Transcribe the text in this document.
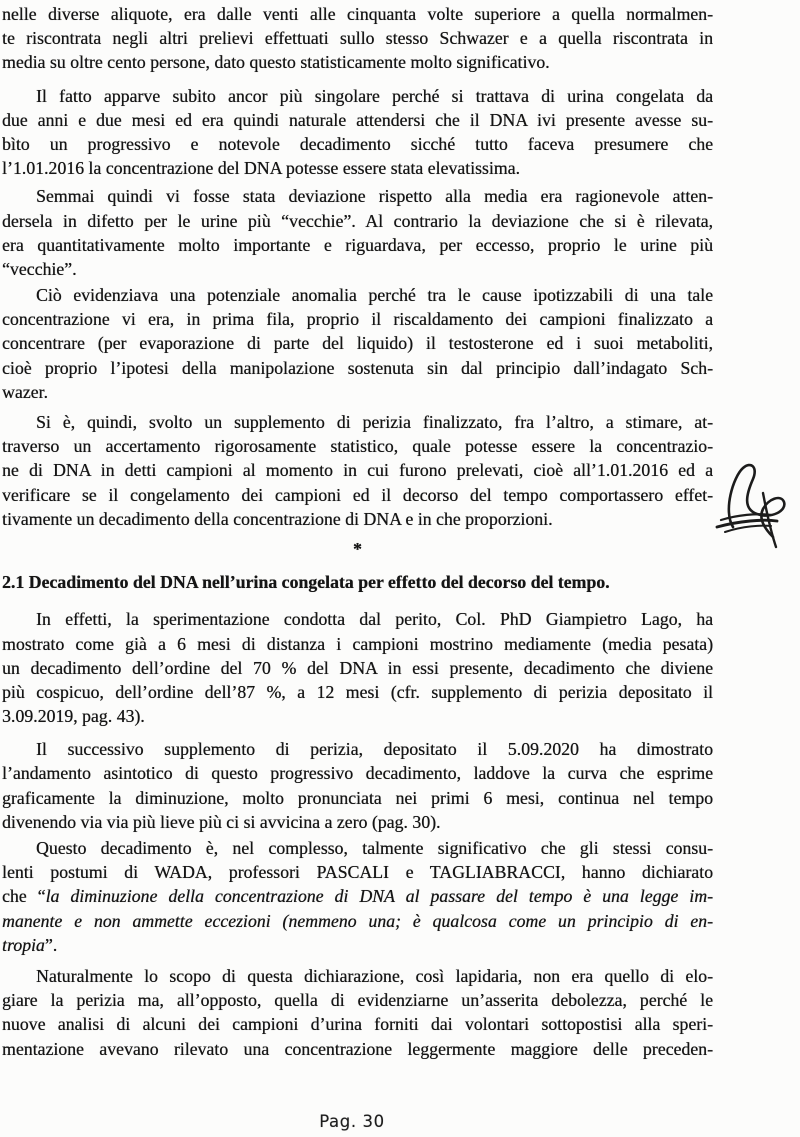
nelle diverse aliquote, era dalle venti alle cinquanta volte superiore a quella normalmen-
te riscontrata negli altri prelievi effettuati sullo stesso Schwazer e a quella riscontrata in
media su oltre cento persone, dato questo statisticamente molto significativo.
Il fatto apparve subito ancor più singolare perché si trattava di urina congelata da
due anni e due mesi ed era quindi naturale attendersi che il DNA ivi presente avesse su-
bìto un progressivo e notevole decadimento sicché tutto faceva presumere che
l’1.01.2016 la concentrazione del DNA potesse essere stata elevatissima.
Semmai quindi vi fosse stata deviazione rispetto alla media era ragionevole atten-
dersela in difetto per le urine più “vecchie”. Al contrario la deviazione che si è rilevata,
era quantitativamente molto importante e riguardava, per eccesso, proprio le urine più
“vecchie”.
Ciò evidenziava una potenziale anomalia perché tra le cause ipotizzabili di una tale
concentrazione vi era, in prima fila, proprio il riscaldamento dei campioni finalizzato a
concentrare (per evaporazione di parte del liquido) il testosterone ed i suoi metaboliti,
cioè proprio l’ipotesi della manipolazione sostenuta sin dal principio dall’indagato Sch-
wazer.
Si è, quindi, svolto un supplemento di perizia finalizzato, fra l’altro, a stimare, at-
traverso un accertamento rigorosamente statistico, quale potesse essere la concentrazio-
ne di DNA in detti campioni al momento in cui furono prelevati, cioè all’1.01.2016 ed a
verificare se il congelamento dei campioni ed il decorso del tempo comportassero effet-
tivamente un decadimento della concentrazione di DNA e in che proporzioni.
*
2.1 Decadimento del DNA nell’urina congelata per effetto del decorso del tempo.
In effetti, la sperimentazione condotta dal perito, Col. PhD Giampietro Lago, ha
mostrato come già a 6 mesi di distanza i campioni mostrino mediamente (media pesata)
un decadimento dell’ordine del 70 % del DNA in essi presente, decadimento che diviene
più cospicuo, dell’ordine dell’87 %, a 12 mesi (cfr. supplemento di perizia depositato il
3.09.2019, pag. 43).
Il successivo supplemento di perizia, depositato il 5.09.2020 ha dimostrato
l’andamento asintotico di questo progressivo decadimento, laddove la curva che esprime
graficamente la diminuzione, molto pronunciata nei primi 6 mesi, continua nel tempo
divenendo via via più lieve più ci si avvicina a zero (pag. 30).
Questo decadimento è, nel complesso, talmente significativo che gli stessi consu-
lenti postumi di WADA, professori PASCALI e TAGLIABRACCI, hanno dichiarato
che “la diminuzione della concentrazione di DNA al passare del tempo è una legge im-
manente e non ammette eccezioni (nemmeno una; è qualcosa come un principio di en-
tropia”.
Naturalmente lo scopo di questa dichiarazione, così lapidaria, non era quello di elo-
giare la perizia ma, all’opposto, quella di evidenziarne un’asserita debolezza, perché le
nuove analisi di alcuni dei campioni d’urina forniti dai volontari sottopostisi alla speri-
mentazione avevano rilevato una concentrazione leggermente maggiore delle preceden-
Pag. 30
